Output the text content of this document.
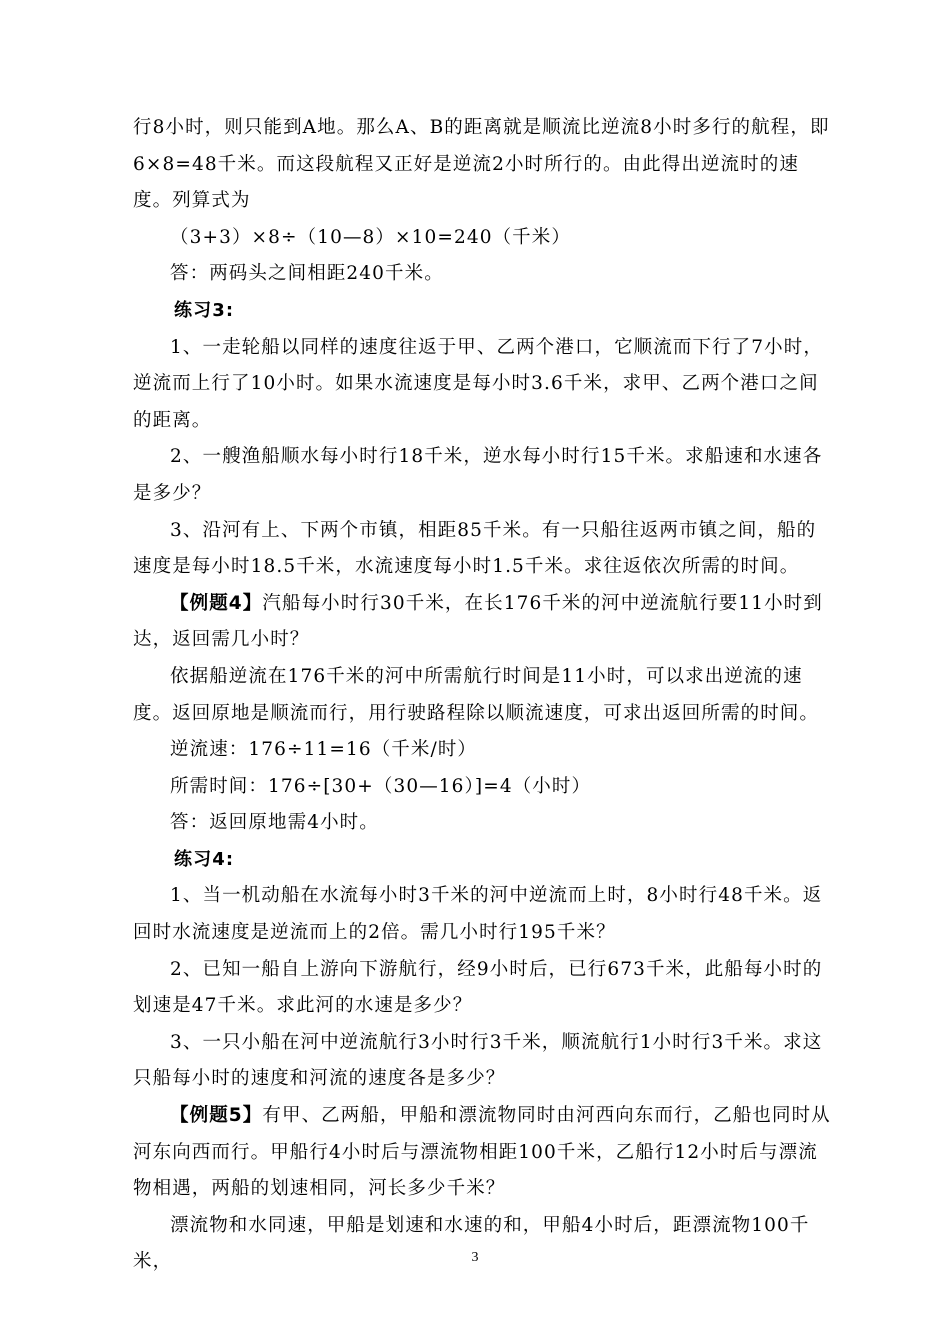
行8小时，则只能到A地。那么A、B的距离就是顺流比逆流8小时多行的航程，即6×8=48千米。而这段航程又正好是逆流2小时所行的。由此得出逆流时的速度。列算式为

（3+3）×8÷（10—8）×10=240（千米）

答：两码头之间相距240千米。

练习3:

1、一走轮船以同样的速度往返于甲、乙两个港口，它顺流而下行了7小时，逆流而上行了10小时。如果水流速度是每小时3.6千米，求甲、乙两个港口之间的距离。

2、一艘渔船顺水每小时行18千米，逆水每小时行15千米。求船速和水速各是多少？

3、沿河有上、下两个市镇，相距85千米。有一只船往返两市镇之间，船的速度是每小时18.5千米，水流速度每小时1.5千米。求往返依次所需的时间。

【例题4】汽船每小时行30千米，在长176千米的河中逆流航行要11小时到达，返回需几小时？

依据船逆流在176千米的河中所需航行时间是11小时，可以求出逆流的速度。返回原地是顺流而行，用行驶路程除以顺流速度，可求出返回所需的时间。

逆流速：176÷11=16（千米/时）

所需时间：176÷[30+（30—16）]=4（小时）

答：返回原地需4小时。

练习4:

1、当一机动船在水流每小时3千米的河中逆流而上时，8小时行48千米。返回时水流速度是逆流而上的2倍。需几小时行195千米？

2、已知一船自上游向下游航行，经9小时后，已行673千米，此船每小时的划速是47千米。求此河的水速是多少？

3、一只小船在河中逆流航行3小时行3千米，顺流航行1小时行3千米。求这只船每小时的速度和河流的速度各是多少？

【例题5】有甲、乙两船，甲船和漂流物同时由河西向东而行，乙船也同时从河东向西而行。甲船行4小时后与漂流物相距100千米，乙船行12小时后与漂流物相遇，两船的划速相同，河长多少千米？

漂流物和水同速，甲船是划速和水速的和，甲船4小时后，距漂流物100千米，	3
